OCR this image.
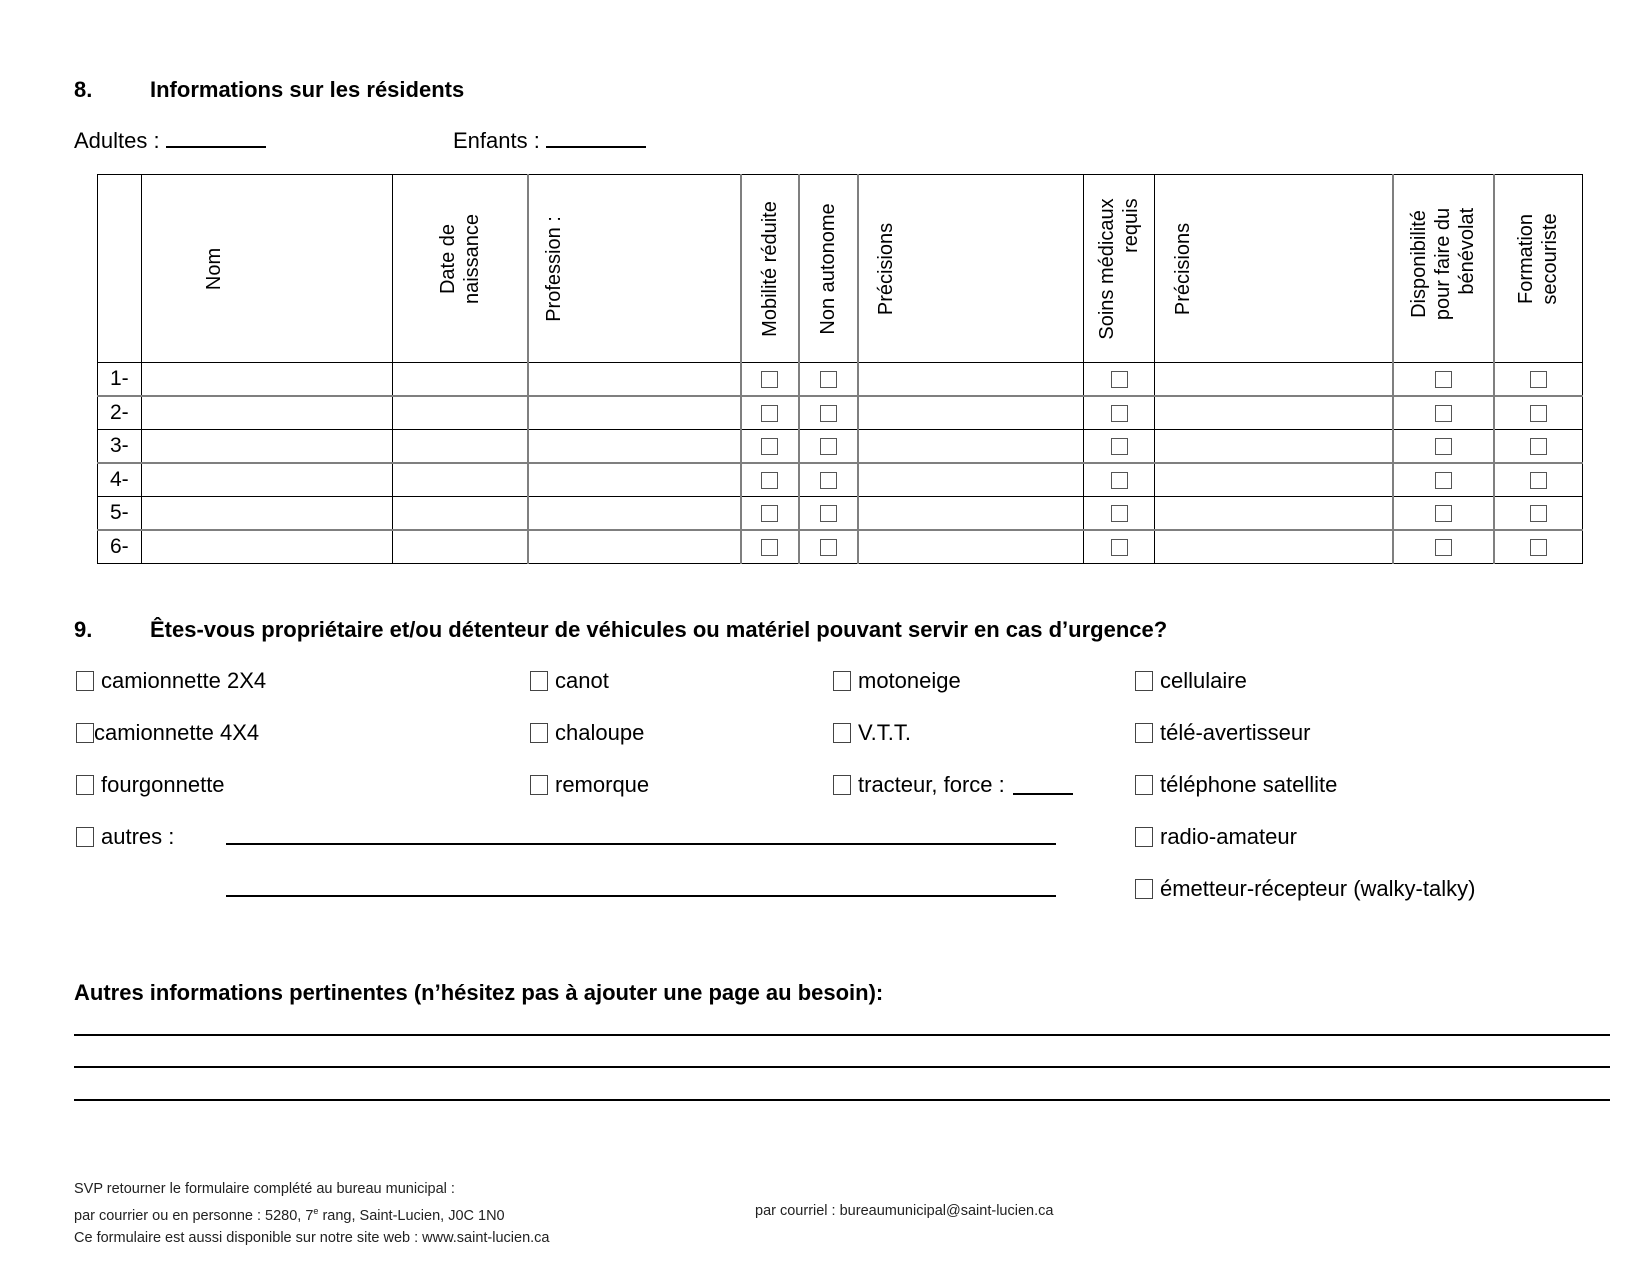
8.	Informations sur les résidents
Adultes :	Enfants :

Nom	Date de naissance	Profession :	Mobilité réduite	Non autonome	Précisions	Soins médicaux requis	Précisions	Disponibilité pour faire du bénévolat	Formation secouriste

1-										
2-										
3-										
4-										
5-										
6-										
9.	Êtes-vous propriétaire et/ou détenteur de véhicules ou matériel pouvant servir en cas d’urgence?
camionnette 2X4
camionnette 4X4
fourgonnette
autres :
canot
chaloupe
remorque
motoneige
V.T.T.
tracteur, force :
cellulaire
télé-avertisseur
téléphone satellite
radio-amateur
émetteur-récepteur (walky-talky)
Autres informations pertinentes (n’hésitez pas à ajouter une page au besoin):
SVP retourner le formulaire complété au bureau municipal :
par courrier ou en personne : 5280, 7e rang, Saint-Lucien, J0C 1N0
Ce formulaire est aussi disponible sur notre site web : www.saint-lucien.ca
par courriel : bureaumunicipal@saint-lucien.ca
